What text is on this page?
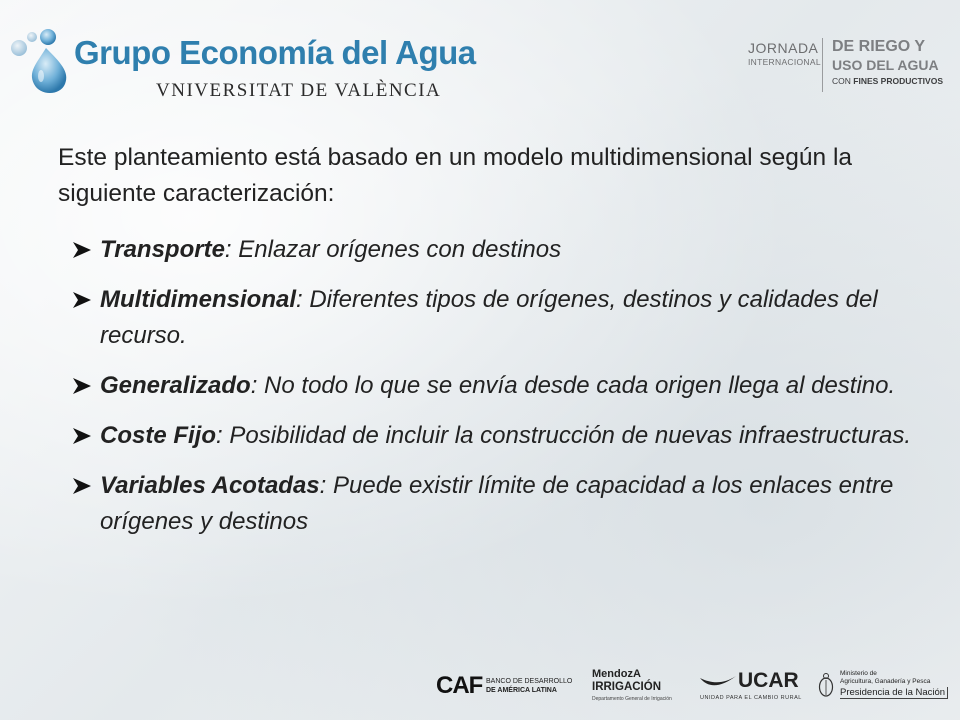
Grupo Economía del Agua
VNIVERSITAT DE VALÈNCIA
JORNADA
INTERNACIONAL
DE RIEGO Y
USO DEL AGUA
CON FINES PRODUCTIVOS
Este planteamiento está basado en un modelo multidimensional según la siguiente caracterización:
Transporte: Enlazar orígenes con destinos
Multidimensional: Diferentes tipos de orígenes, destinos y calidades del recurso.
Generalizado: No todo lo que se envía desde cada origen llega al destino.
Coste Fijo: Posibilidad de incluir la construcción de nuevas infraestructuras.
Variables Acotadas: Puede existir límite de capacidad a los enlaces entre orígenes y destinos
CAF BANCO DE DESARROLLO
DE AMÉRICA LATINA
MendozA
IRRIGACIÓN
Departamento General de Irrigación
UCAR
UNIDAD PARA EL CAMBIO RURAL
Ministerio de
Agricultura, Ganadería y Pesca
Presidencia de la Nación
